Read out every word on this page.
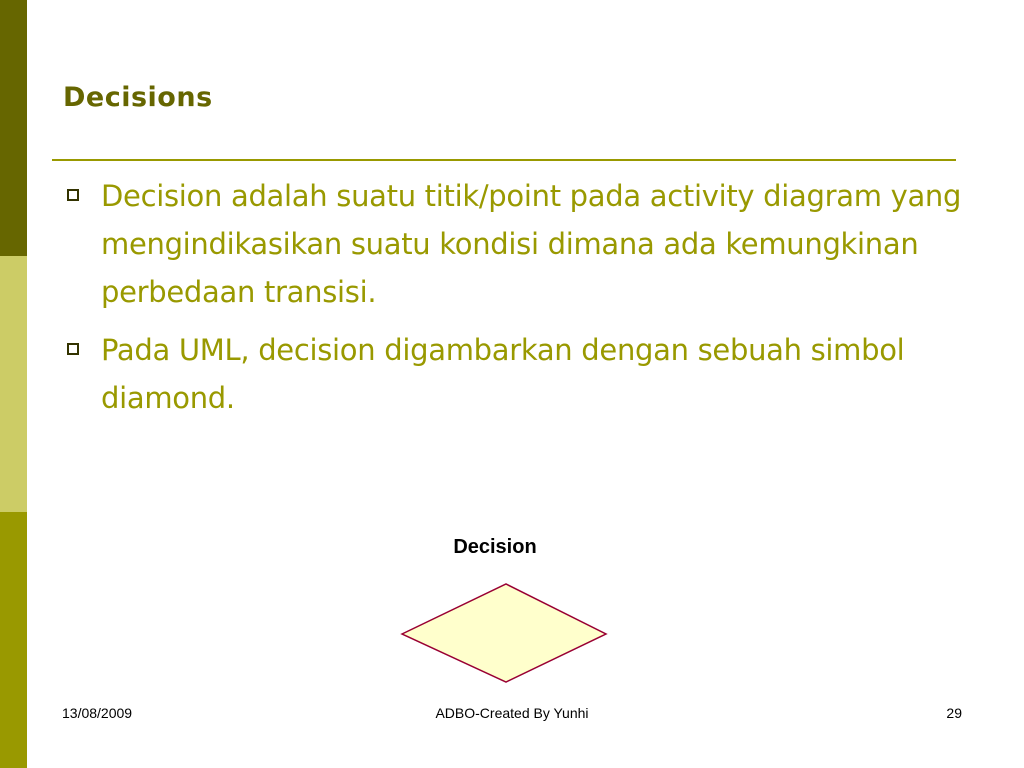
Decisions
Decision adalah suatu titik/point pada activity diagram yang mengindikasikan suatu kondisi dimana ada kemungkinan perbedaan transisi.
Pada UML, decision digambarkan dengan sebuah simbol diamond.
Decision
13/08/2009	ADBO-Created By Yunhi	29
